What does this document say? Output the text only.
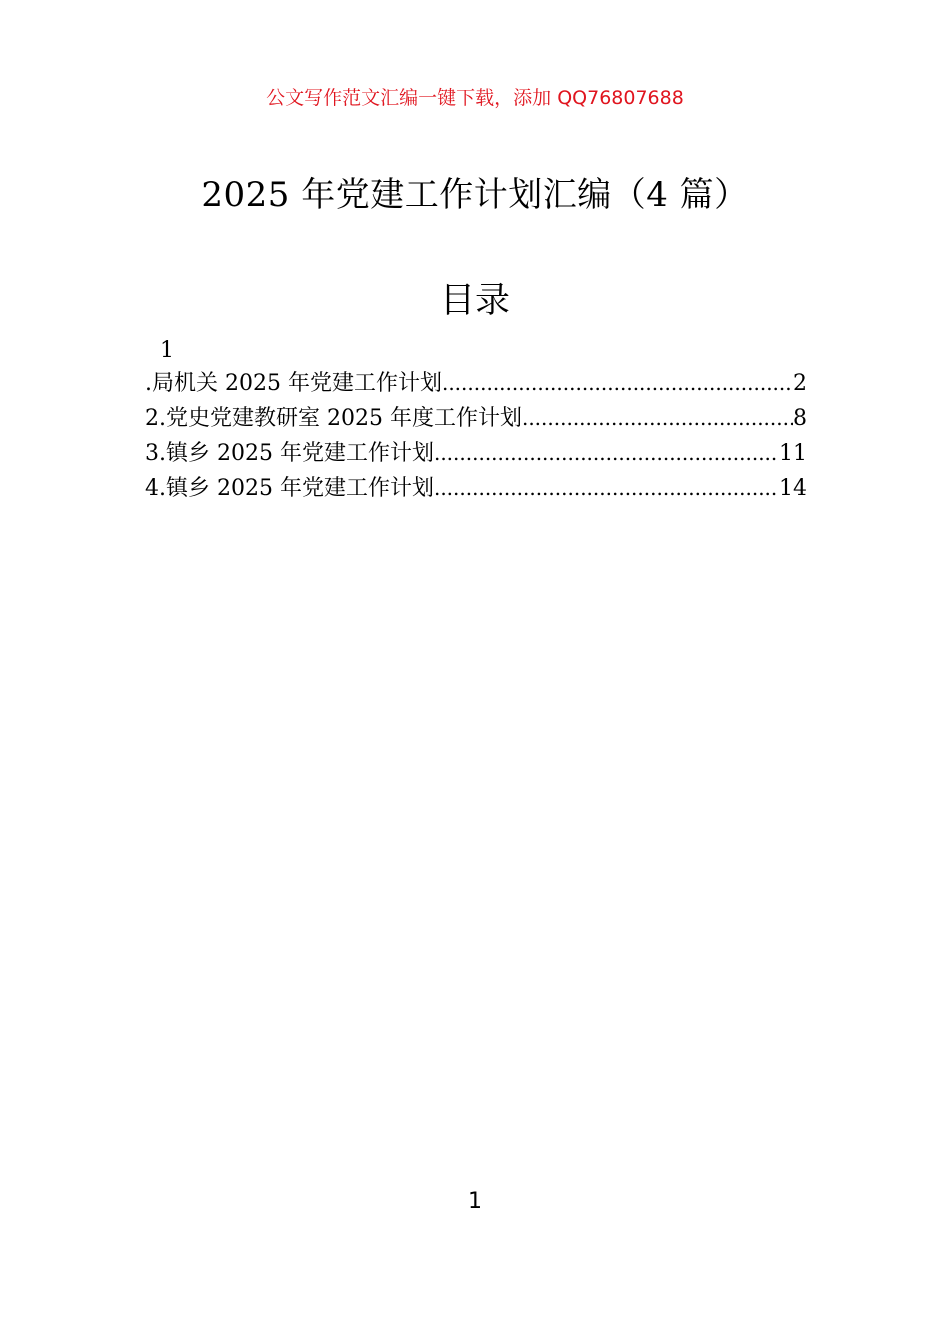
公文写作范文汇编一键下载，添加 QQ76807688
2025 年党建工作计划汇编（4 篇）
目录
1
.局机关 2025 年党建工作计划 .....	2
2.党史党建教研室 2025 年度工作计划 .....	8
3.镇乡 2025 年党建工作计划 .....	11
4.镇乡 2025 年党建工作计划 .....	14
1
